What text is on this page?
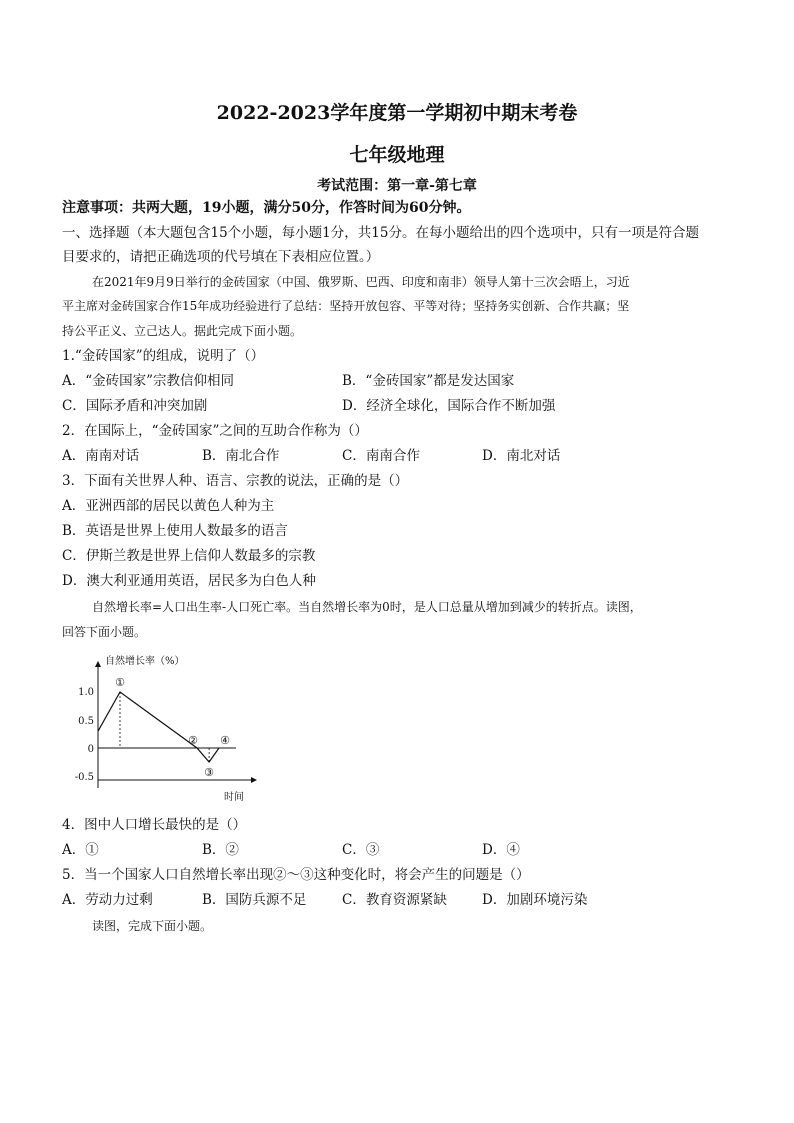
2022-2023学年度第一学期初中期末考卷
七年级地理
考试范围：第一章-第七章
注意事项：共两大题，19小题，满分50分，作答时间为60分钟。
一、选择题（本大题包含15个小题，每小题1分，共15分。在每小题给出的四个选项中，只有一项是符合题
目要求的，请把正确选项的代号填在下表相应位置。）
在2021年9月9日举行的金砖国家（中国、俄罗斯、巴西、印度和南非）领导人第十三次会晤上，习近
平主席对金砖国家合作15年成功经验进行了总结：坚持开放包容、平等对待；坚持务实创新、合作共赢；坚
持公平正义、立己达人。据此完成下面小题。
1.“金砖国家”的组成，说明了（）
A．“金砖国家”宗教信仰相同	B．“金砖国家”都是发达国家
C．国际矛盾和冲突加剧	D．经济全球化，国际合作不断加强
2．在国际上，“金砖国家”之间的互助合作称为（）
A．南南对话	B．南北合作	C．南南合作	D．南北对话
3．下面有关世界人种、语言、宗教的说法，正确的是（）
A．亚洲西部的居民以黄色人种为主
B．英语是世界上使用人数最多的语言
C．伊斯兰教是世界上信仰人数最多的宗教
D．澳大利亚通用英语，居民多为白色人种
自然增长率=人口出生率-人口死亡率。当自然增长率为0时，是人口总量从增加到减少的转折点。读图，
回答下面小题。
自然增长率（%）
时间
1.0
0.5
0
-0.5
①
②
③
④
4．图中人口增长最快的是（）
A．①	B．②	C．③	D．④
5．当一个国家人口自然增长率出现②～③这种变化时，将会产生的问题是（）
A．劳动力过剩	B．国防兵源不足	C．教育资源紧缺	D．加剧环境污染
读图，完成下面小题。
